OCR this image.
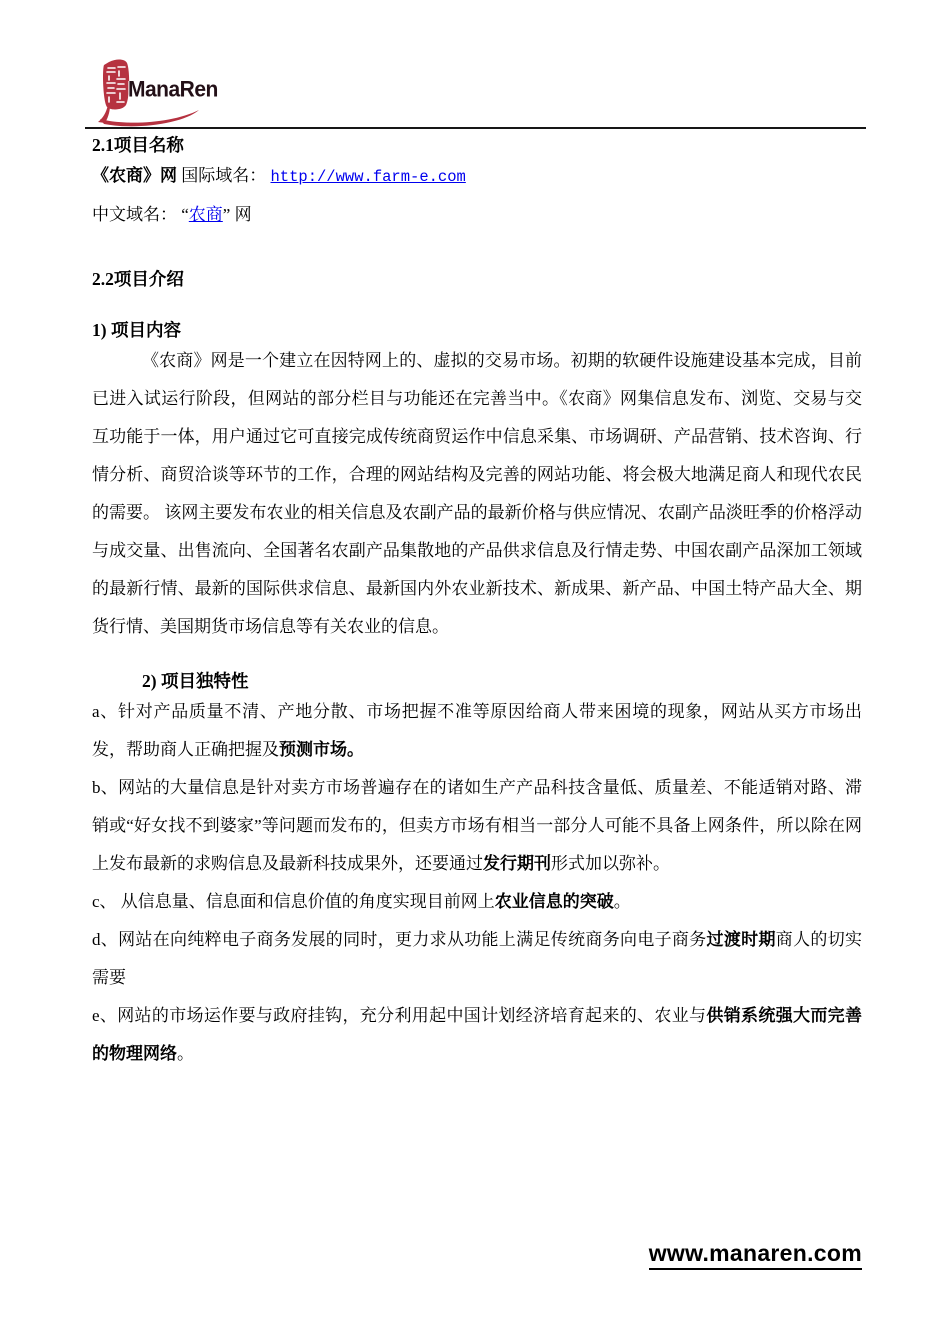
ManaRen
2.1项目名称

《农商》网 国际域名： http://www.farm-e.com

中文域名： “农商” 网

2.2项目介绍
1) 项目内容

《农商》网是一个建立在因特网上的、虚拟的交易市场。初期的软硬件设施建设基本完成，目前已进入试运行阶段，但网站的部分栏目与功能还在完善当中。《农商》网集信息发布、浏览、交易与交互功能于一体，用户通过它可直接完成传统商贸运作中信息采集、市场调研、产品营销、技术咨询、行情分析、商贸洽谈等环节的工作，合理的网站结构及完善的网站功能、将会极大地满足商人和现代农民的需要。 该网主要发布农业的相关信息及农副产品的最新价格与供应情况、农副产品淡旺季的价格浮动与成交量、出售流向、全国著名农副产品集散地的产品供求信息及行情走势、中国农副产品深加工领域的最新行情、最新的国际供求信息、最新国内外农业新技术、新成果、新产品、中国土特产品大全、期货行情、美国期货市场信息等有关农业的信息。

2) 项目独特性

a、针对产品质量不清、产地分散、市场把握不准等原因给商人带来困境的现象，网站从买方市场出发，帮助商人正确把握及预测市场。

b、网站的大量信息是针对卖方市场普遍存在的诸如生产产品科技含量低、质量差、不能适销对路、滞销或“好女找不到婆家”等问题而发布的，但卖方市场有相当一部分人可能不具备上网条件，所以除在网上发布最新的求购信息及最新科技成果外，还要通过发行期刊形式加以弥补。

c、 从信息量、信息面和信息价值的角度实现目前网上农业信息的突破。

d、网站在向纯粹电子商务发展的同时，更力求从功能上满足传统商务向电子商务过渡时期商人的切实需要

e、网站的市场运作要与政府挂钩，充分利用起中国计划经济培育起来的、农业与供销系统强大而完善的物理网络。

www.manaren.com
